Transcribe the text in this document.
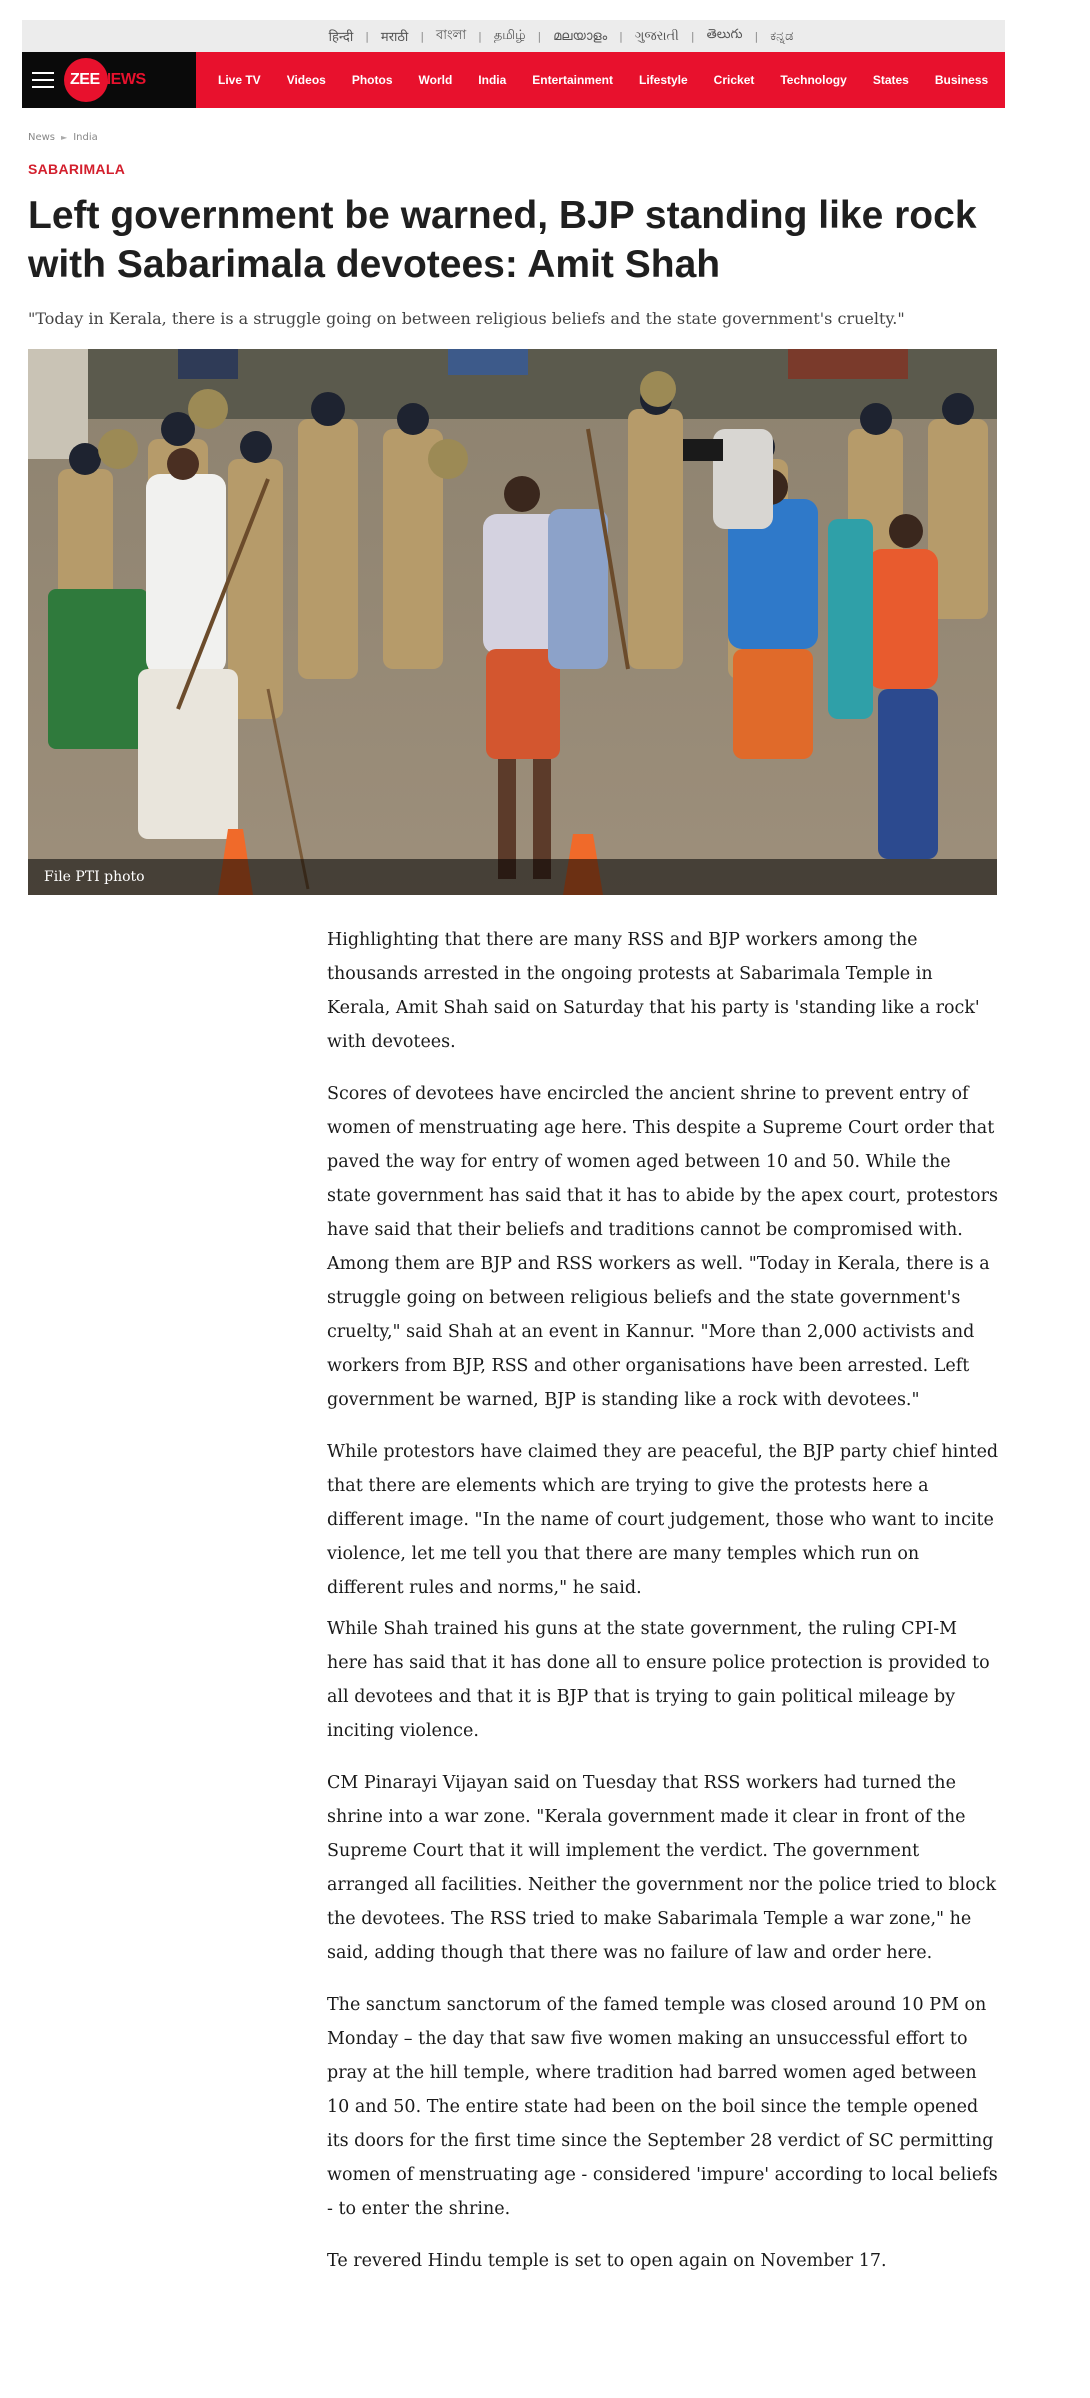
हिन्दी | मराठी | বাংলা | தமிழ் | മലയാളം | ગુજરાતી | తెలుగు | ಕನ್ನಡ
ZEENEWS	Live TV Videos Photos World India Entertainment Lifestyle Cricket Technology States Business Bhojpuri
News ► India
SABARIMALA
Left government be warned, BJP standing like rock with Sabarimala devotees: Amit Shah

"Today in Kerala, there is a struggle going on between religious beliefs and the state government's cruelty."

File PTI photo

Highlighting that there are many RSS and BJP workers among the thousands arrested in the ongoing protests at Sabarimala Temple in Kerala, Amit Shah said on Saturday that his party is 'standing like a rock' with devotees.

Scores of devotees have encircled the ancient shrine to prevent entry of women of menstruating age here. This despite a Supreme Court order that paved the way for entry of women aged between 10 and 50. While the state government has said that it has to abide by the apex court, protestors have said that their beliefs and traditions cannot be compromised with. Among them are BJP and RSS workers as well. "Today in Kerala, there is a struggle going on between religious beliefs and the state government's cruelty," said Shah at an event in Kannur. "More than 2,000 activists and workers from BJP, RSS and other organisations have been arrested. Left government be warned, BJP is standing like a rock with devotees."

While protestors have claimed they are peaceful, the BJP party chief hinted that there are elements which are trying to give the protests here a different image. "In the name of court judgement, those who want to incite violence, let me tell you that there are many temples which run on different rules and norms," he said.

While Shah trained his guns at the state government, the ruling CPI-M here has said that it has done all to ensure police protection is provided to all devotees and that it is BJP that is trying to gain political mileage by inciting violence.

CM Pinarayi Vijayan said on Tuesday that RSS workers had turned the shrine into a war zone. "Kerala government made it clear in front of the Supreme Court that it will implement the verdict. The government arranged all facilities. Neither the government nor the police tried to block the devotees. The RSS tried to make Sabarimala Temple a war zone," he said, adding though that there was no failure of law and order here.

The sanctum sanctorum of the famed temple was closed around 10 PM on Monday – the day that saw five women making an unsuccessful effort to pray at the hill temple, where tradition had barred women aged between 10 and 50. The entire state had been on the boil since the temple opened its doors for the first time since the September 28 verdict of SC permitting women of menstruating age - considered 'impure' according to local beliefs - to enter the shrine.

Te revered Hindu temple is set to open again on November 17.
